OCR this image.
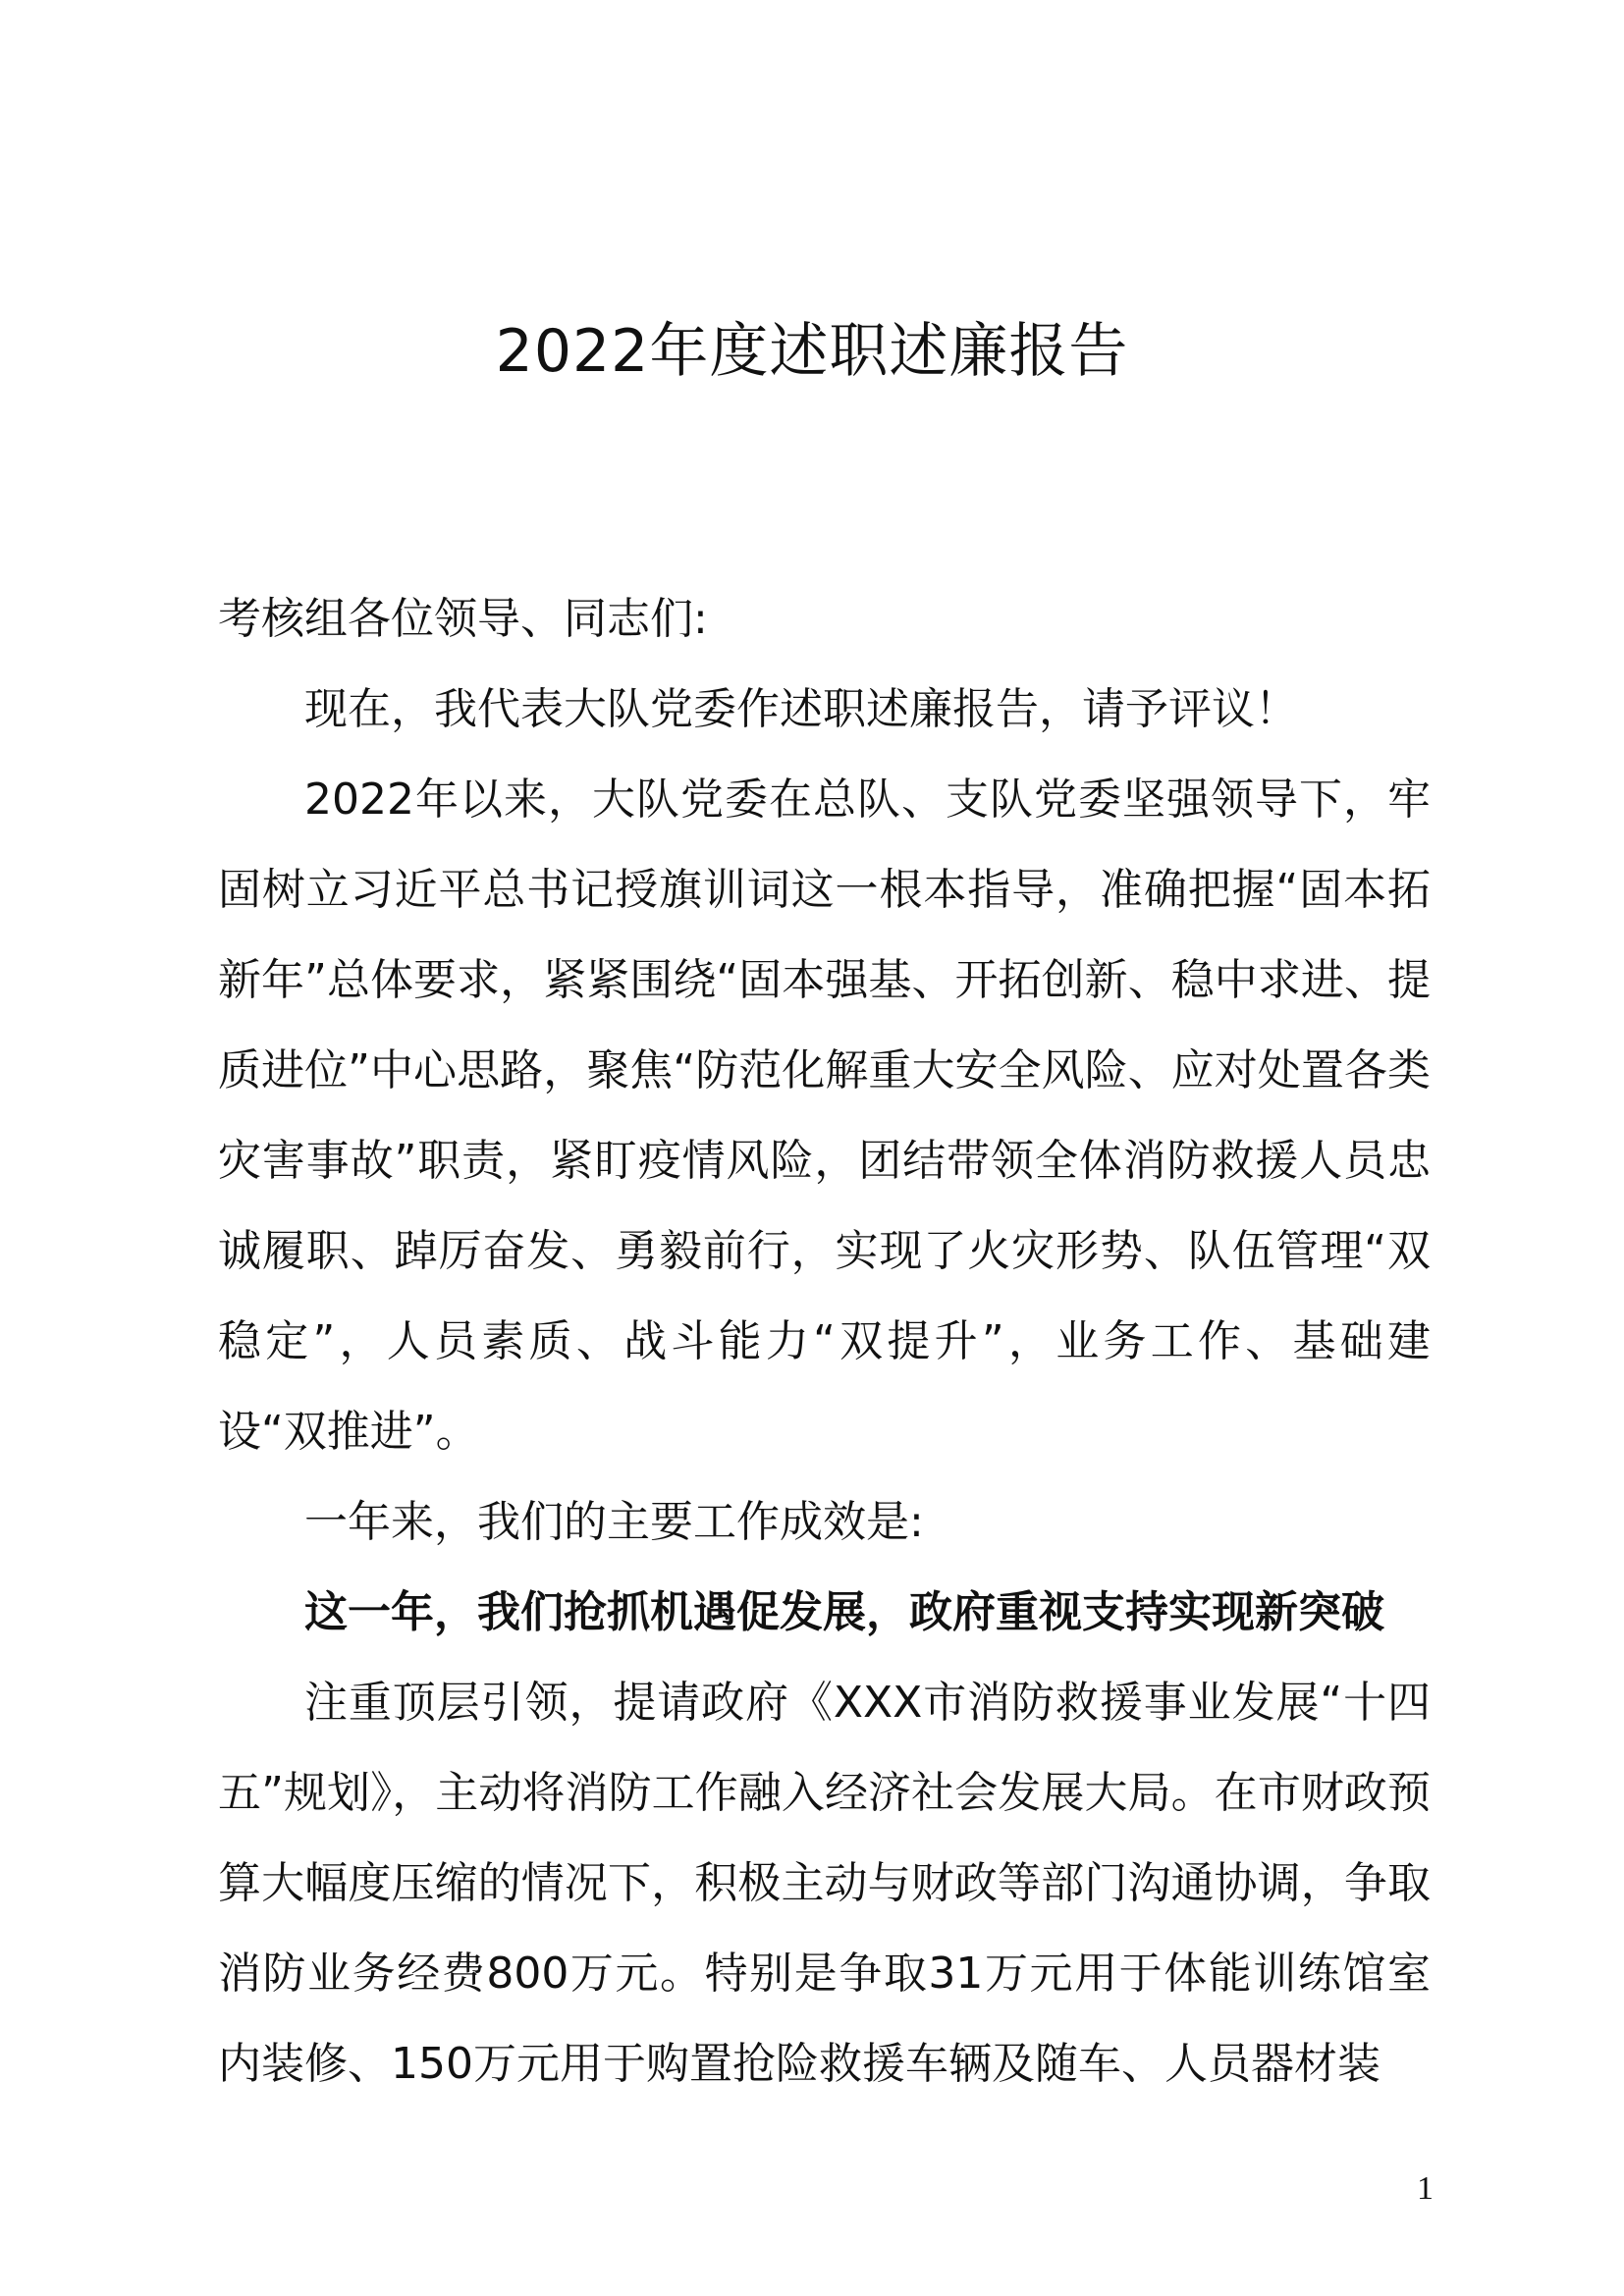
2022年度述职述廉报告

考核组各位领导、同志们:

现在，我代表大队党委作述职述廉报告，请予评议！

2022年以来，大队党委在总队、支队党委坚强领导下，牢固树立习近平总书记授旗训词这一根本指导，准确把握“固本拓新年”总体要求，紧紧围绕“固本强基、开拓创新、稳中求进、提质进位”中心思路，聚焦“防范化解重大安全风险、应对处置各类灾害事故”职责，紧盯疫情风险，团结带领全体消防救援人员忠诚履职、踔厉奋发、勇毅前行，实现了火灾形势、队伍管理“双稳定”，人员素质、战斗能力“双提升”，业务工作、基础建设“双推进”。

一年来，我们的主要工作成效是:

这一年，我们抢抓机遇促发展，政府重视支持实现新突破

注重顶层引领，提请政府《XXX市消防救援事业发展“十四五”规划》，主动将消防工作融入经济社会发展大局。在市财政预算大幅度压缩的情况下，积极主动与财政等部门沟通协调，争取消防业务经费800万元。特别是争取31万元用于体能训练馆室内装修、150万元用于购置抢险救援车辆及随车、人员器材装

1
